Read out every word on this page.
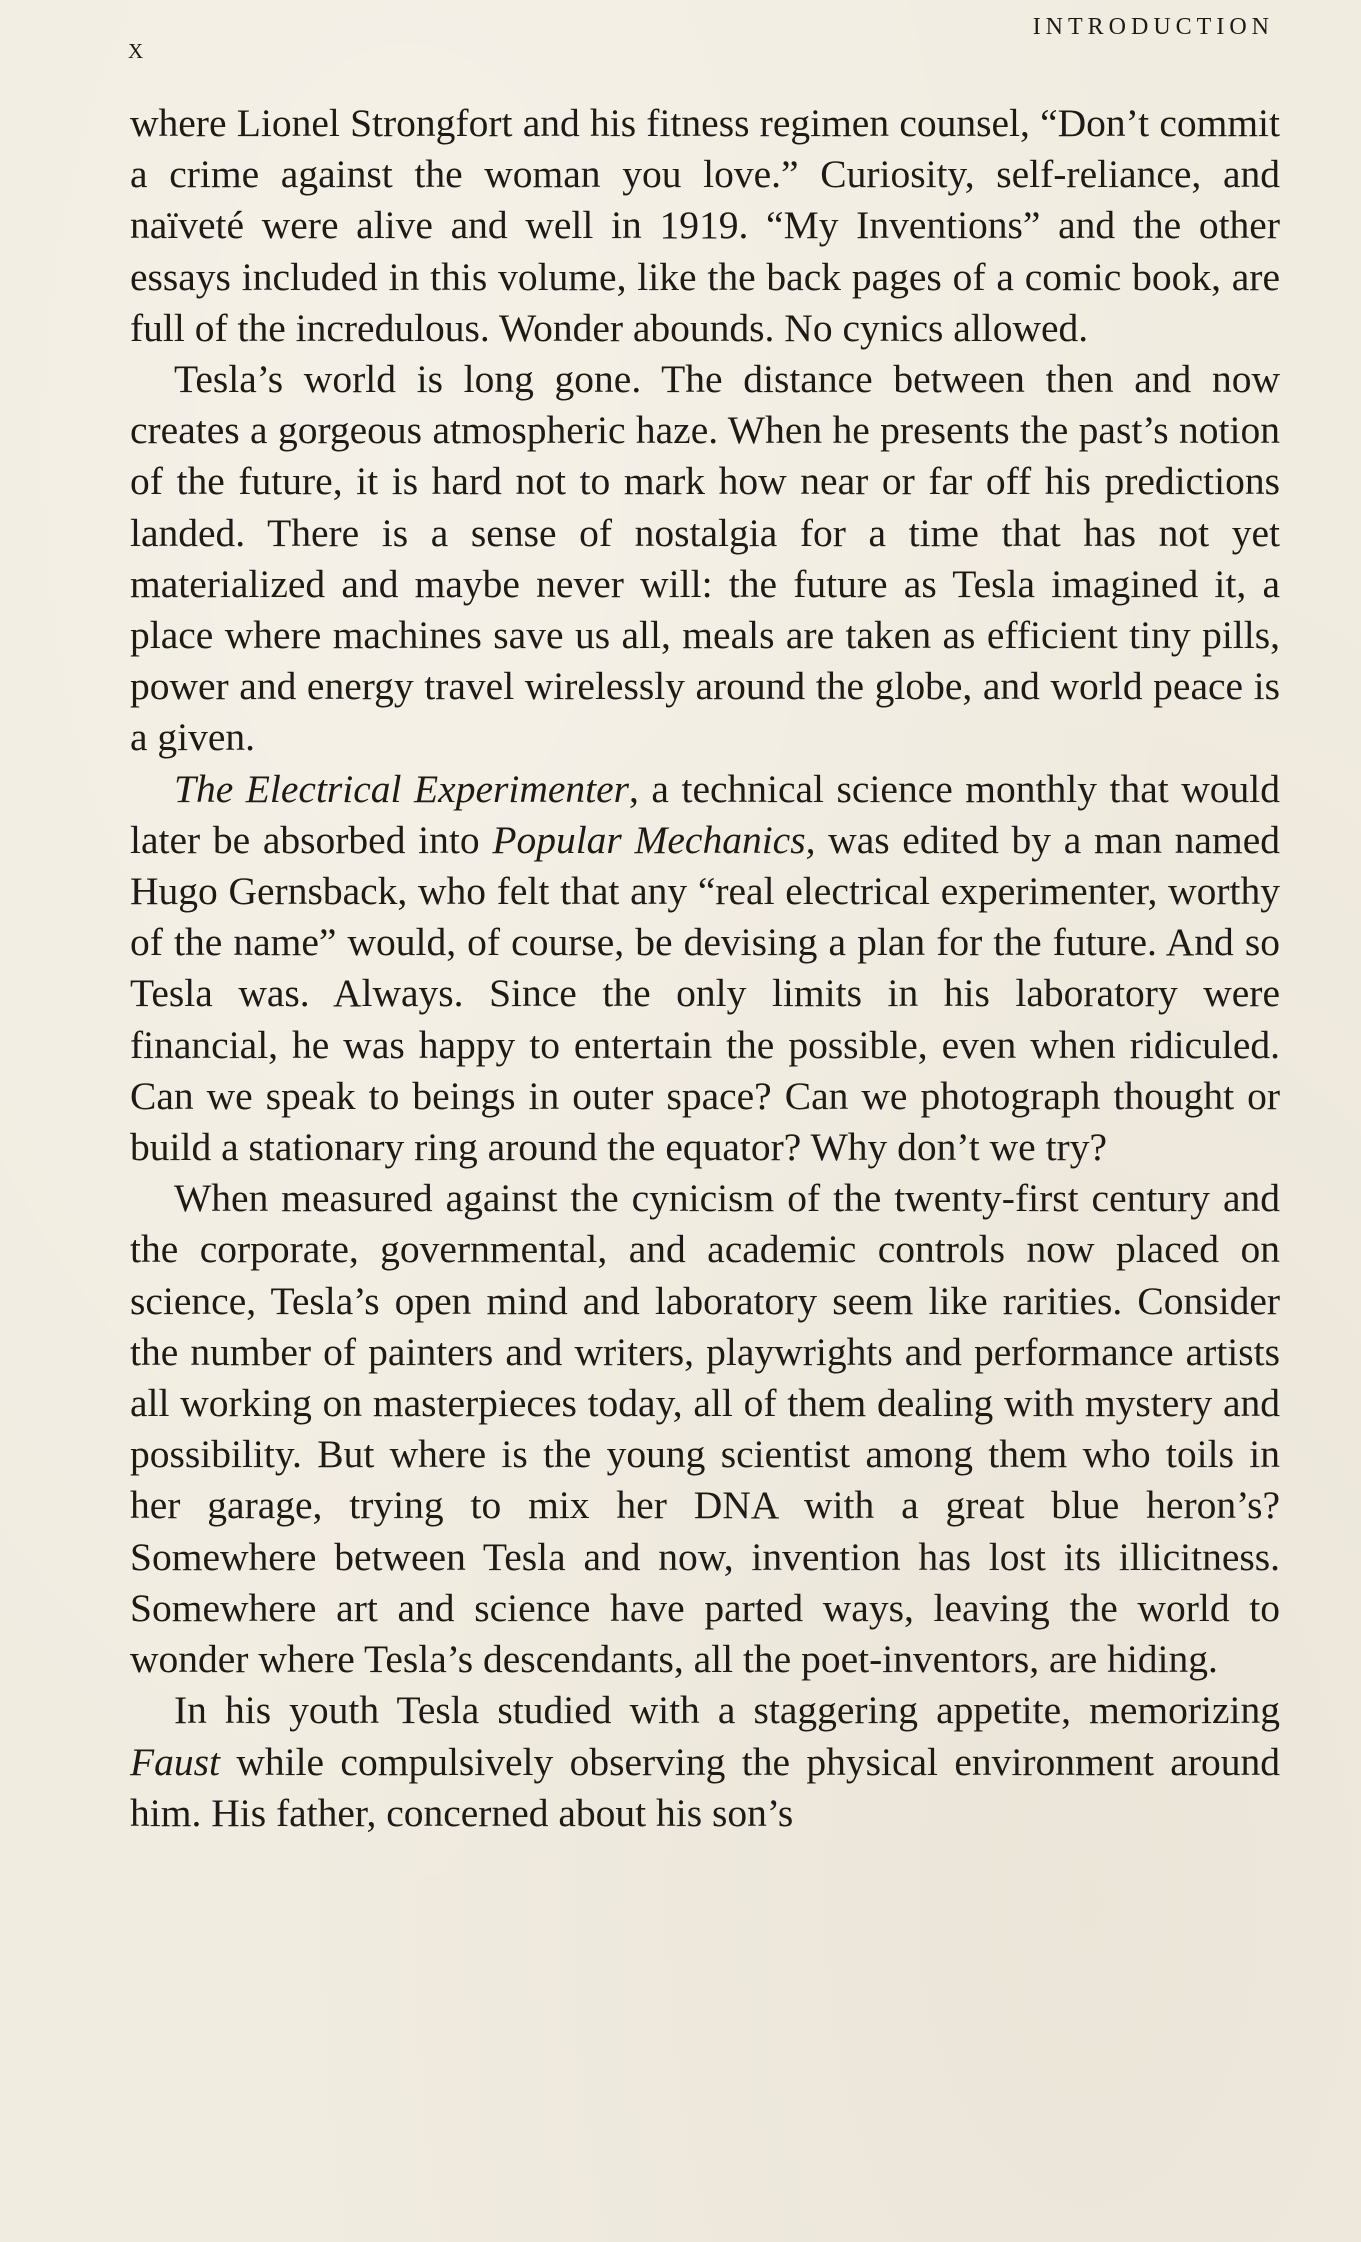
x
INTRODUCTION

where Lionel Strongfort and his fitness regimen counsel, “Don’t commit a crime against the woman you love.” Curiosity, self-reliance, and naïveté were alive and well in 1919. “My Inventions” and the other essays included in this volume, like the back pages of a comic book, are full of the incredulous. Wonder abounds. No cynics allowed.

Tesla’s world is long gone. The distance between then and now creates a gorgeous atmospheric haze. When he presents the past’s notion of the future, it is hard not to mark how near or far off his predictions landed. There is a sense of nostalgia for a time that has not yet materialized and maybe never will: the future as Tesla imagined it, a place where machines save us all, meals are taken as efficient tiny pills, power and energy travel wirelessly around the globe, and world peace is a given.

The Electrical Experimenter, a technical science monthly that would later be absorbed into Popular Mechanics, was edited by a man named Hugo Gernsback, who felt that any “real electrical experimenter, worthy of the name” would, of course, be devising a plan for the future. And so Tesla was. Always. Since the only limits in his laboratory were financial, he was happy to entertain the possible, even when ridiculed. Can we speak to beings in outer space? Can we photograph thought or build a stationary ring around the equator? Why don’t we try?

When measured against the cynicism of the twenty-first century and the corporate, governmental, and academic controls now placed on science, Tesla’s open mind and laboratory seem like rarities. Consider the number of painters and writers, playwrights and performance artists all working on masterpieces today, all of them dealing with mystery and possibility. But where is the young scientist among them who toils in her garage, trying to mix her DNA with a great blue heron’s? Somewhere between Tesla and now, invention has lost its illicitness. Somewhere art and science have parted ways, leaving the world to wonder where Tesla’s descendants, all the poet-inventors, are hiding.

In his youth Tesla studied with a staggering appetite, memorizing Faust while compulsively observing the physical environment around him. His father, concerned about his son’s
